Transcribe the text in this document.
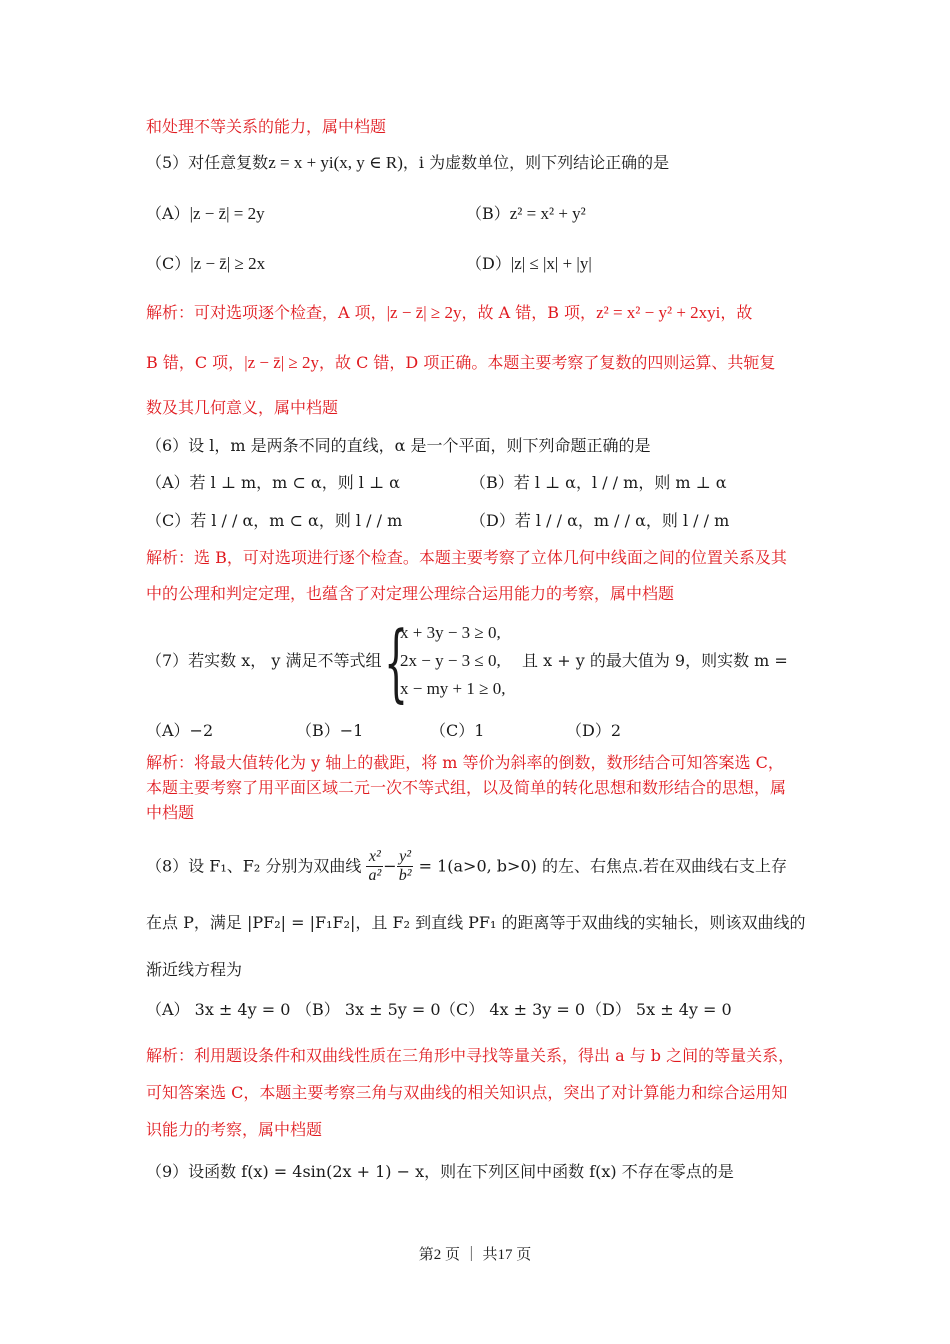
和处理不等关系的能力，属中档题
（5）对任意复数z = x + yi(x, y ∈ R)，i 为虚数单位，则下列结论正确的是
（A）|z − z̄| = 2y	（B）z² = x² + y²
（C）|z − z̄| ≥ 2x	（D）|z| ≤ |x| + |y|
解析：可对选项逐个检查，A 项，|z − z̄| ≥ 2y，故 A 错，B 项，z² = x² − y² + 2xyi，故
B 错，C 项，|z − z̄| ≥ 2y，故 C 错，D 项正确。本题主要考察了复数的四则运算、共轭复
数及其几何意义，属中档题
（6）设 l，m 是两条不同的直线，α 是一个平面，则下列命题正确的是
（A）若 l ⊥ m，m ⊂ α，则 l ⊥ α	（B）若 l ⊥ α，l / / m，则 m ⊥ α
（C）若 l / / α，m ⊂ α，则 l / / m	（D）若 l / / α，m / / α，则 l / / m
解析：选 B，可对选项进行逐个检查。本题主要考察了立体几何中线面之间的位置关系及其
中的公理和判定定理，也蕴含了对定理公理综合运用能力的考察，属中档题
（7）若实数 x， y 满足不等式组 {
x + 3y − 3 ≥ 0,
2x − y − 3 ≤ 0,
x − my + 1 ≥ 0,
且 x + y 的最大值为 9，则实数 m =
（A）−2	（B）−1	（C）1	（D）2
解析：将最大值转化为 y 轴上的截距，将 m 等价为斜率的倒数，数形结合可知答案选 C，
本题主要考察了用平面区域二元一次不等式组，以及简单的转化思想和数形结合的思想，属
中档题
（8）设 F₁、F₂ 分别为双曲线 $\frac{\text{x²}}{\text{a²}} - \frac{\text{y²}}{\text{b²}} = 1(a>0$, b>0) 的左、右焦点.若在双曲线右支上存
在点 P，满足 |PF₂| = |F₁F₂|，且 F₂ 到直线 PF₁ 的距离等于双曲线的实轴长，则该双曲线的
渐近线方程为
（A） 3x ± 4y = 0 （B） 3x ± 5y = 0 （C） 4x ± 3y = 0 （D） 5x ± 4y = 0
解析：利用题设条件和双曲线性质在三角形中寻找等量关系，得出 a 与 b 之间的等量关系，
可知答案选 C，本题主要考察三角与双曲线的相关知识点，突出了对计算能力和综合运用知
识能力的考察，属中档题
（9）设函数 f(x) = 4sin(2x + 1) − x，则在下列区间中函数 f(x) 不存在零点的是
第2 页 ｜ 共17 页
